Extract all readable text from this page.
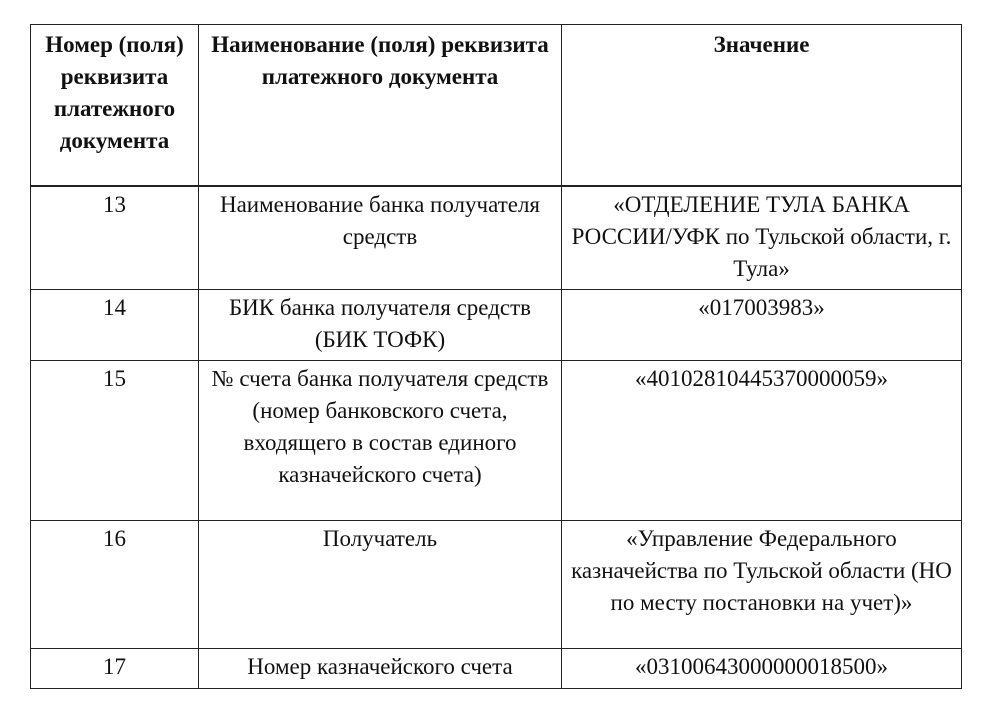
Номер (поля) реквизита платежного документа	Наименование (поля) реквизита платежного документа	Значение
13	Наименование банка получателя средств	«ОТДЕЛЕНИЕ ТУЛА БАНКА РОССИИ/УФК по Тульской области, г. Тула»
14	БИК банка получателя средств (БИК ТОФК)	«017003983»
15	№ счета банка получателя средств (номер банковского счета, входящего в состав единого казначейского счета)	«40102810445370000059»
16	Получатель	«Управление Федерального казначейства по Тульской области (НО по месту постановки на учет)»
17	Номер казначейского счета	«03100643000000018500»
